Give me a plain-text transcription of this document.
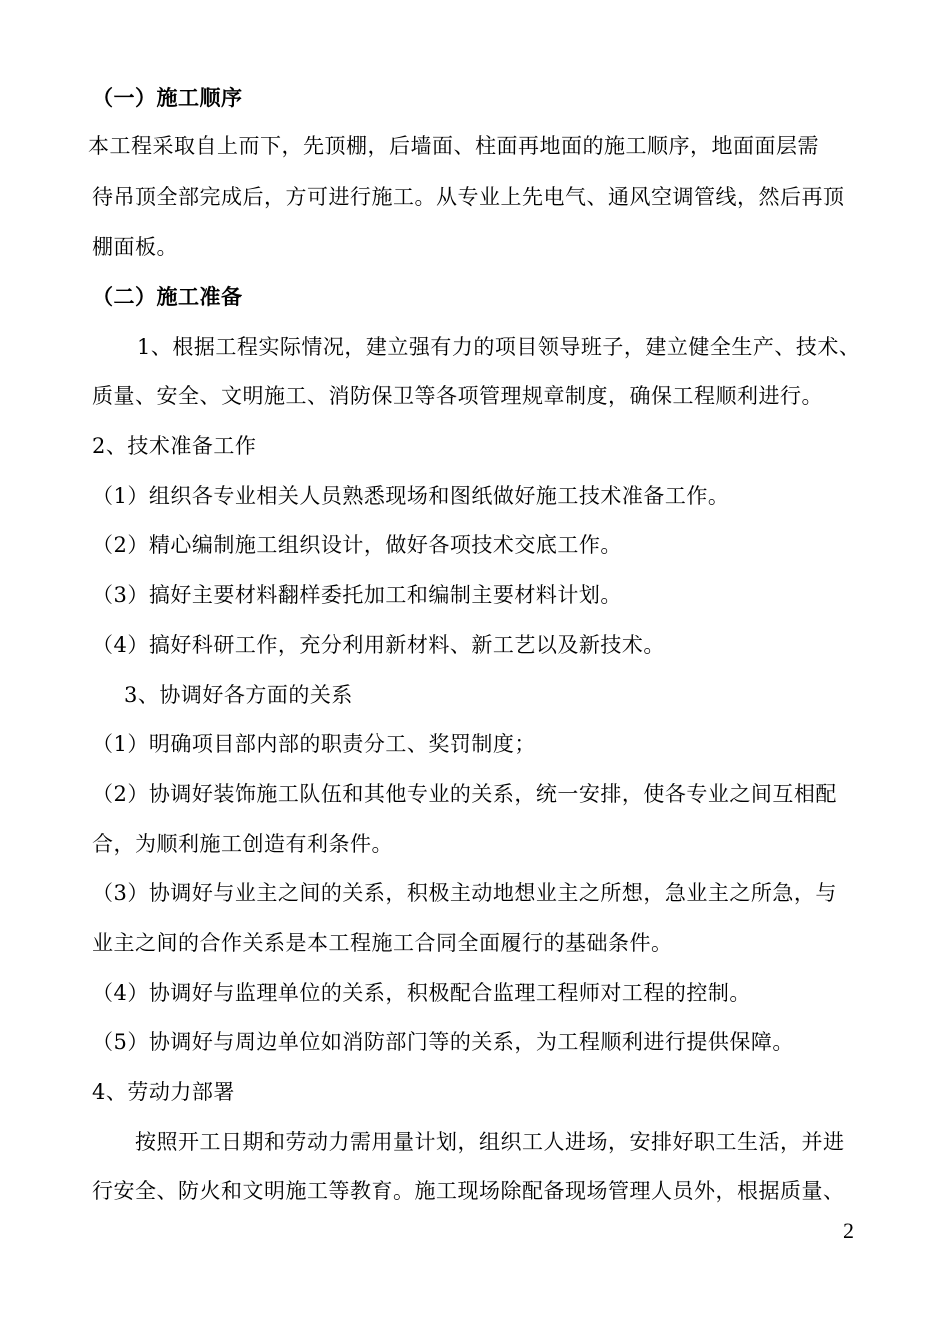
（一）施工顺序
本工程采取自上而下，先顶棚，后墙面、柱面再地面的施工顺序，地面面层需
待吊顶全部完成后，方可进行施工。从专业上先电气、通风空调管线，然后再顶
棚面板。
（二）施工准备
1、根据工程实际情况，建立强有力的项目领导班子，建立健全生产、技术、
质量、安全、文明施工、消防保卫等各项管理规章制度，确保工程顺利进行。
2、技术准备工作
（1）组织各专业相关人员熟悉现场和图纸做好施工技术准备工作。
（2）精心编制施工组织设计，做好各项技术交底工作。
（3）搞好主要材料翻样委托加工和编制主要材料计划。
（4）搞好科研工作，充分利用新材料、新工艺以及新技术。
3、协调好各方面的关系
（1）明确项目部内部的职责分工、奖罚制度；
（2）协调好装饰施工队伍和其他专业的关系，统一安排，使各专业之间互相配
合，为顺利施工创造有利条件。
（3）协调好与业主之间的关系，积极主动地想业主之所想，急业主之所急，与
业主之间的合作关系是本工程施工合同全面履行的基础条件。
（4）协调好与监理单位的关系，积极配合监理工程师对工程的控制。
（5）协调好与周边单位如消防部门等的关系，为工程顺利进行提供保障。
4、劳动力部署
按照开工日期和劳动力需用量计划，组织工人进场，安排好职工生活，并进
行安全、防火和文明施工等教育。施工现场除配备现场管理人员外，根据质量、
2
